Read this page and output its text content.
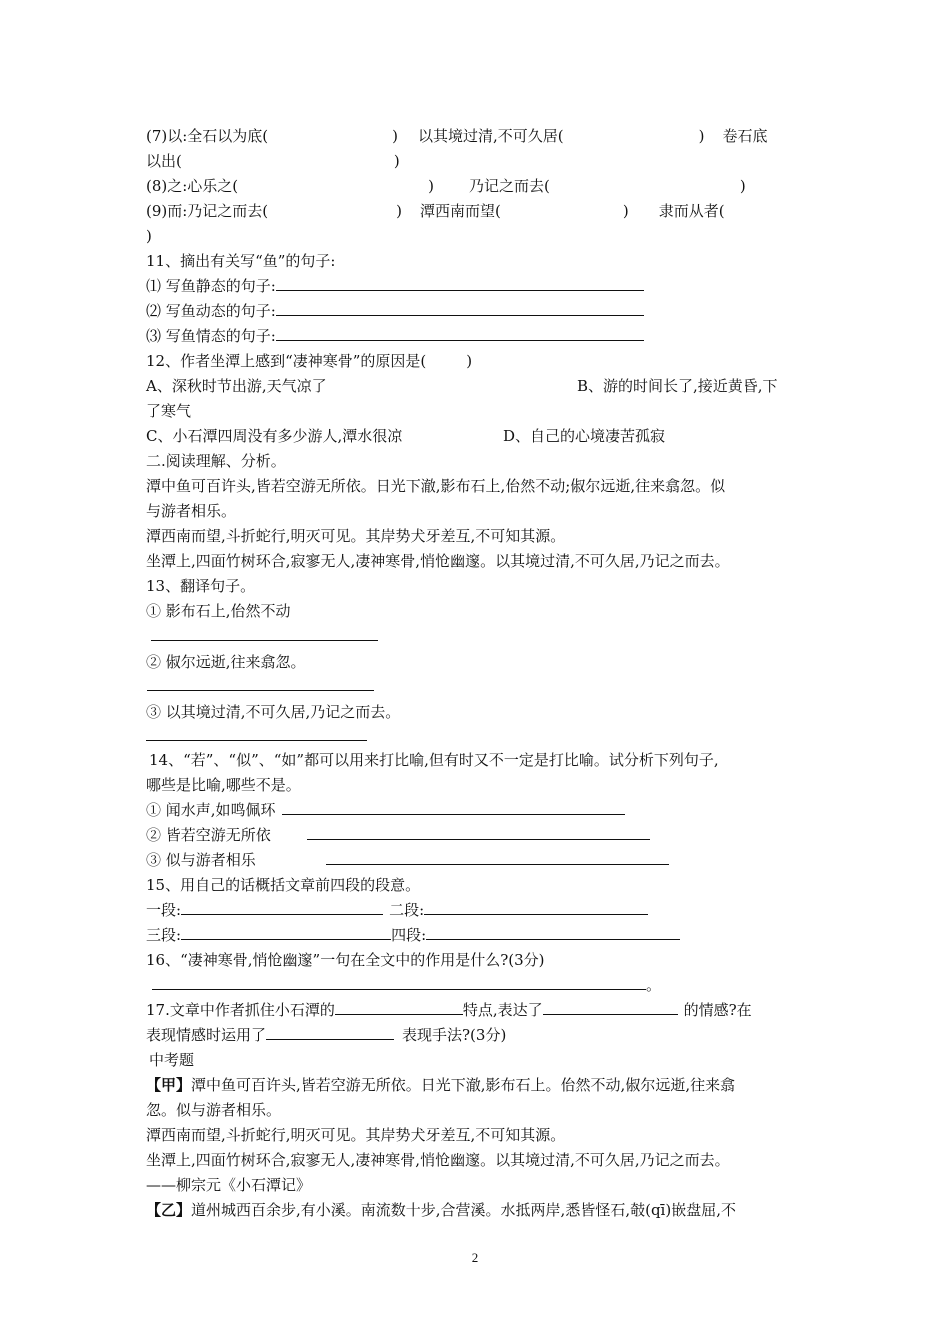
(7)以:全石以为底(	) 以其境过清,不可久居(	) 卷石底
以出(	)
(8)之:心乐之(	) 乃记之而去(	)
(9)而:乃记之而去(	) 潭西南而望(	) 隶而从者(
)
11、摘出有关写“鱼”的句子:
⑴ 写鱼静态的句子:
⑵ 写鱼动态的句子:
⑶ 写鱼情态的句子:
12、作者坐潭上感到“凄神寒骨”的原因是(	)
A、深秋时节出游,天气凉了	B、游的时间长了,接近黄昏,下
了寒气
C、小石潭四周没有多少游人,潭水很凉	D、自己的心境凄苦孤寂
二.阅读理解、分析。
潭中鱼可百许头,皆若空游无所依。日光下澈,影布石上,佁然不动;俶尔远逝,往来翕忽。似
与游者相乐。
潭西南而望,斗折蛇行,明灭可见。其岸势犬牙差互,不可知其源。
坐潭上,四面竹树环合,寂寥无人,凄神寒骨,悄怆幽邃。以其境过清,不可久居,乃记之而去。
13、翻译句子。
① 影布石上,佁然不动
② 俶尔远逝,往来翕忽。
③ 以其境过清,不可久居,乃记之而去。
14、“若”、“似”、“如”都可以用来打比喻,但有时又不一定是打比喻。试分析下列句子,
哪些是比喻,哪些不是。
① 闻水声,如鸣佩环
② 皆若空游无所依
③ 似与游者相乐
15、用自己的话概括文章前四段的段意。
一段:	二段:
三段:	四段:
16、“凄神寒骨,悄怆幽邃”一句在全文中的作用是什么?(3分)
。
17.文章中作者抓住小石潭的	特点,表达了	的情感?在
表现情感时运用了	表现手法?(3分)
中考题
【甲】潭中鱼可百许头,皆若空游无所依。日光下澈,影布石上。佁然不动,俶尔远逝,往来翕
忽。似与游者相乐。
潭西南而望,斗折蛇行,明灭可见。其岸势犬牙差互,不可知其源。
坐潭上,四面竹树环合,寂寥无人,凄神寒骨,悄怆幽邃。以其境过清,不可久居,乃记之而去。
——柳宗元《小石潭记》
【乙】道州城西百余步,有小溪。南流数十步,合营溪。水抵两岸,悉皆怪石,攲(qī)嵌盘屈,不
2
